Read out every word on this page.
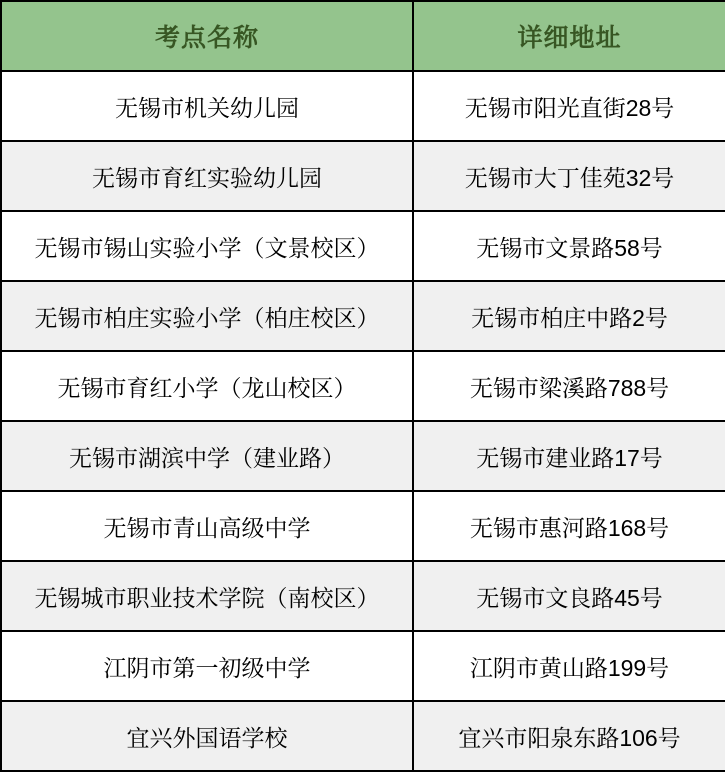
考点名称	详细地址
无锡市机关幼儿园	无锡市阳光直街28号
无锡市育红实验幼儿园	无锡市大丁佳苑32号
无锡市锡山实验小学（文景校区）	无锡市文景路58号
无锡市柏庄实验小学（柏庄校区）	无锡市柏庄中路2号
无锡市育红小学（龙山校区）	无锡市梁溪路788号
无锡市湖滨中学（建业路）	无锡市建业路17号
无锡市青山高级中学	无锡市惠河路168号
无锡城市职业技术学院（南校区）	无锡市文良路45号
江阴市第一初级中学	江阴市黄山路199号
宜兴外国语学校	宜兴市阳泉东路106号
